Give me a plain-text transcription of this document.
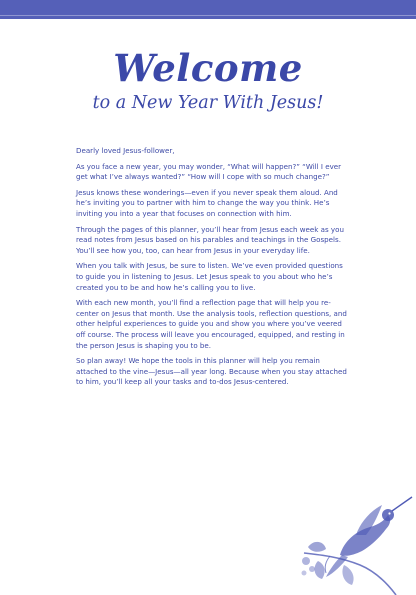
Welcome
to a New Year With Jesus!

Dearly loved Jesus-follower,

As you face a new year, you may wonder, “What will happen?” “Will I ever get what I’ve always wanted?” “How will I cope with so much change?”

Jesus knows these wonderings—even if you never speak them aloud. And he’s inviting you to partner with him to change the way you think. He’s inviting you into a year that focuses on connection with him.

Through the pages of this planner, you’ll hear from Jesus each week as you read notes from Jesus based on his parables and teachings in the Gospels. You’ll see how you, too, can hear from Jesus in your everyday life.

When you talk with Jesus, be sure to listen. We’ve even provided questions to guide you in listening to Jesus. Let Jesus speak to you about who he’s created you to be and how he’s calling you to live.

With each new month, you’ll find a reflection page that will help you re-center on Jesus that month. Use the analysis tools, reflection questions, and other helpful experiences to guide you and show you where you’ve veered off course. The process will leave you encouraged, equipped, and resting in the person Jesus is shaping you to be.

So plan away! We hope the tools in this planner will help you remain attached to the vine—Jesus—all year long. Because when you stay attached to him, you’ll keep all your tasks and to-dos Jesus-centered.
